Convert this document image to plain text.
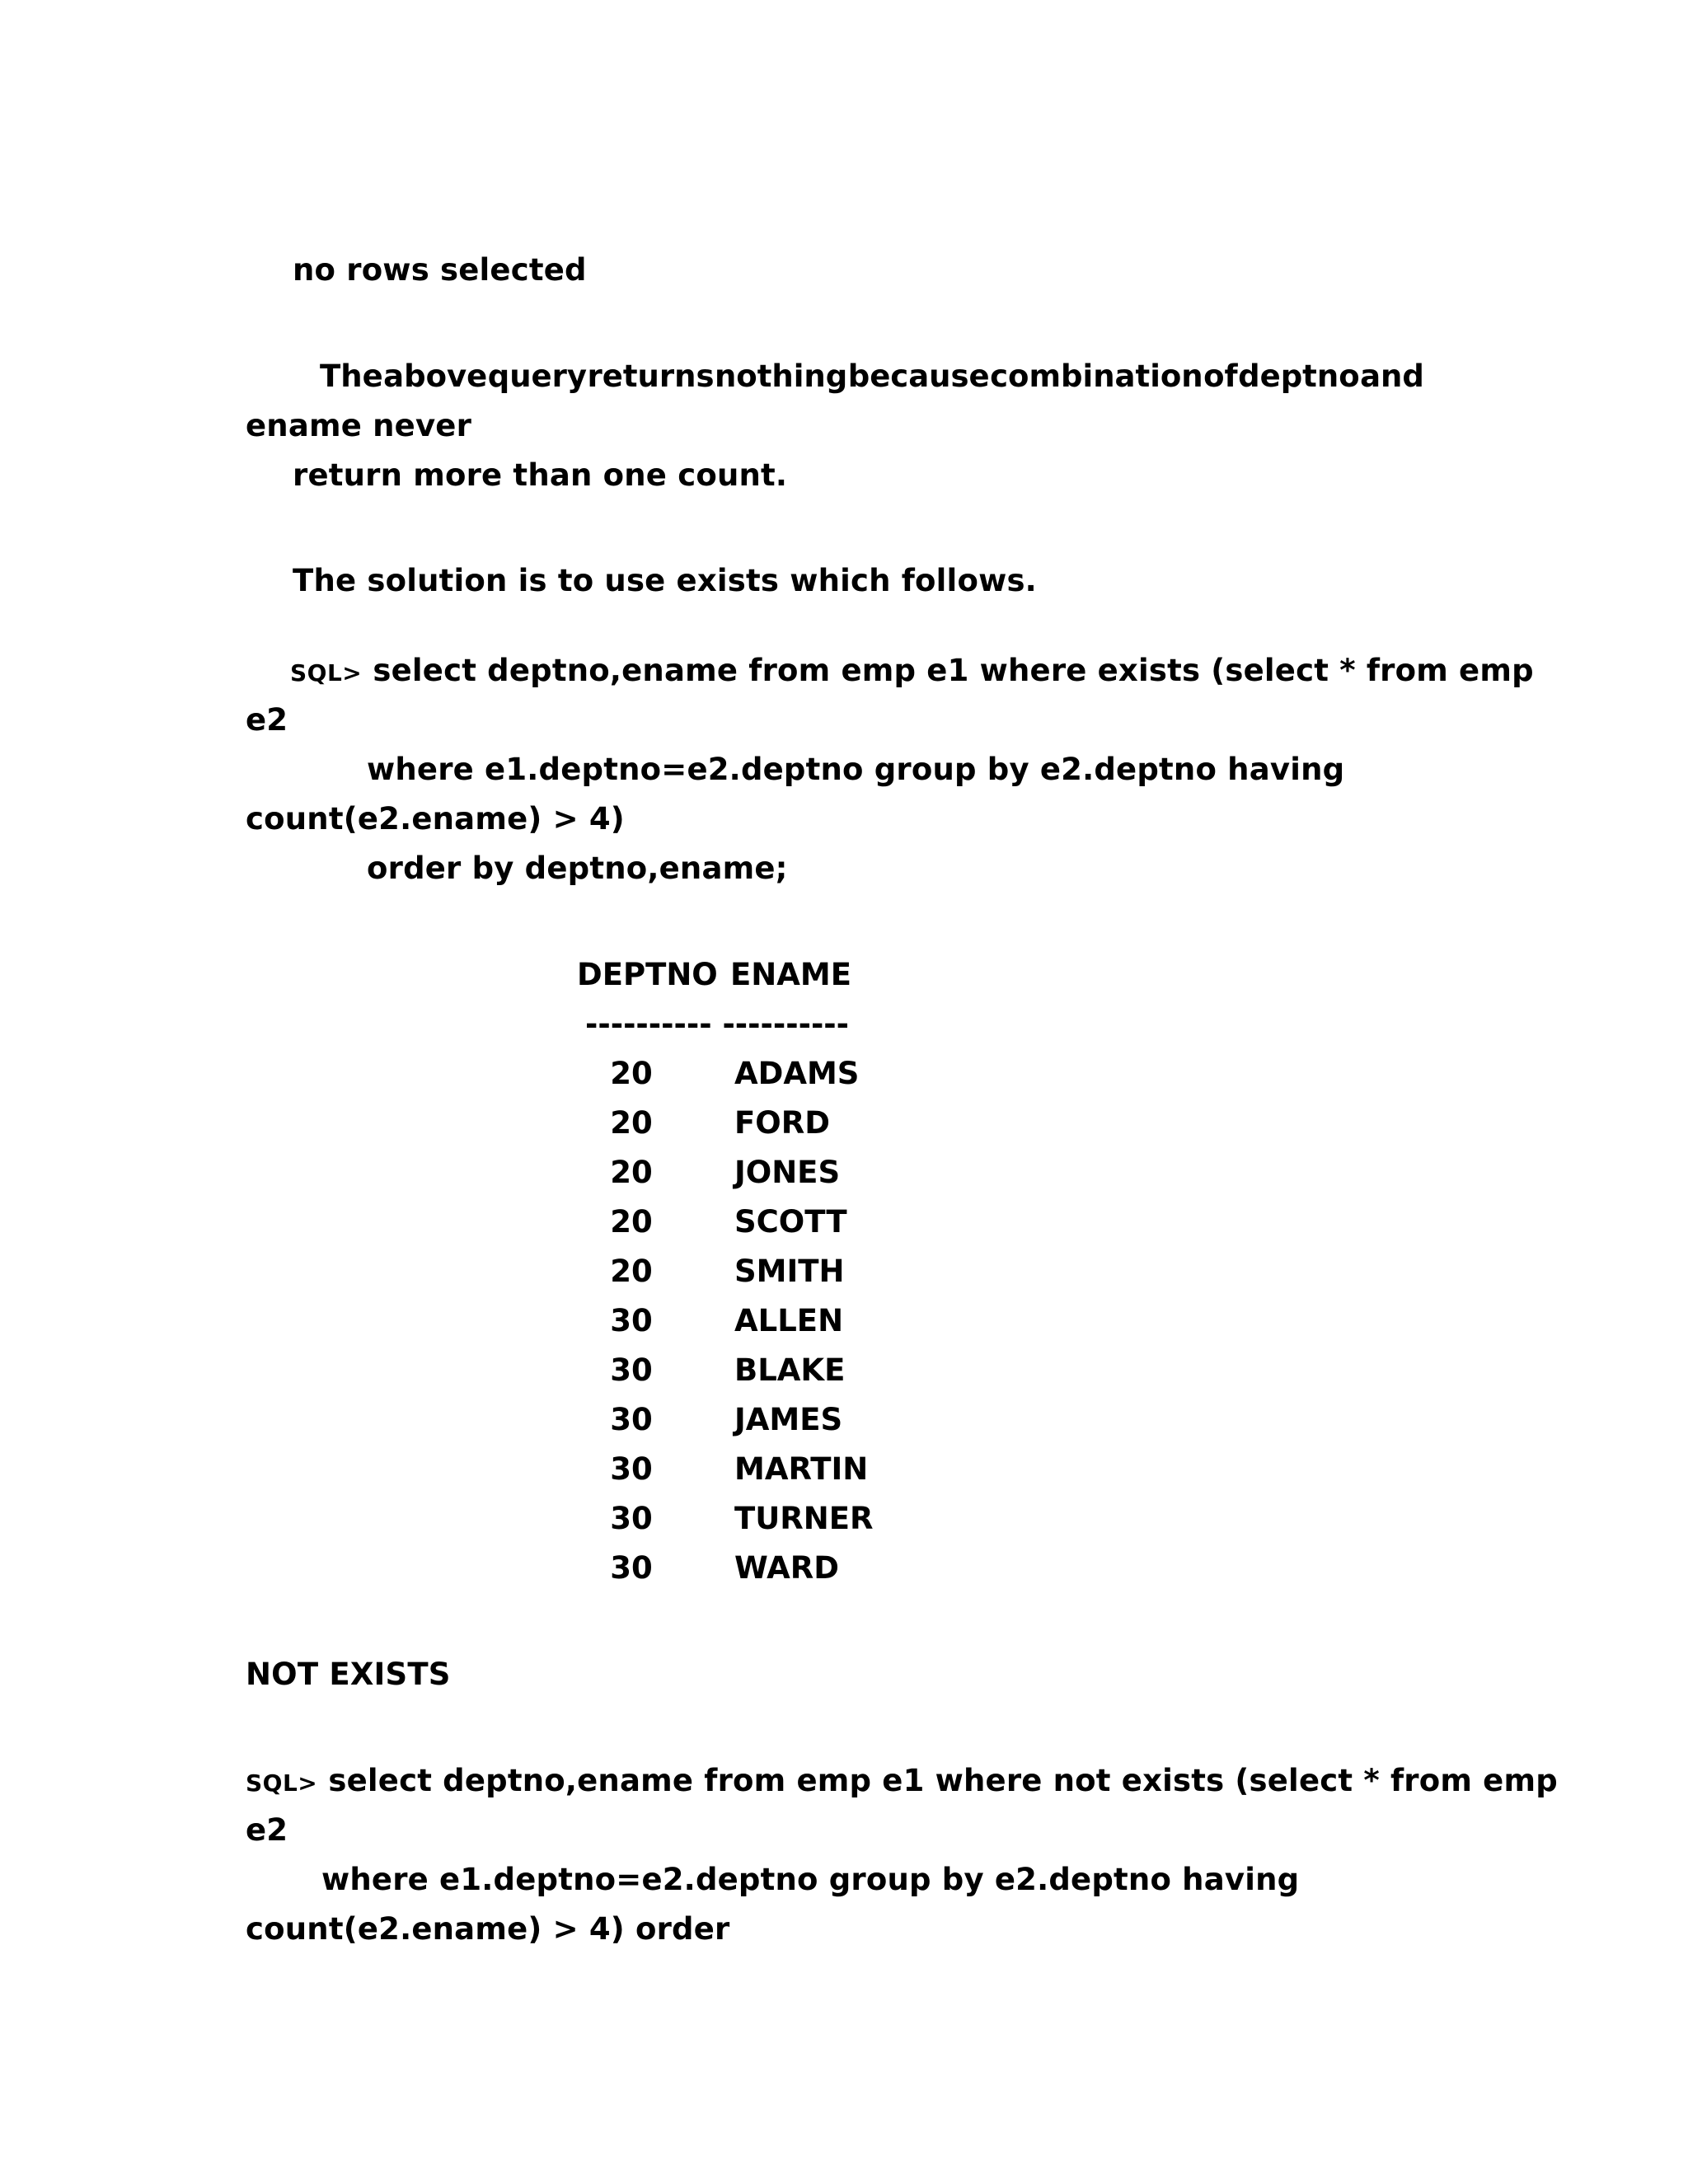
no rows selected
The above query returns nothing because combination of deptno and
ename never
return more than one count.
The solution is to use exists which follows.
SQL> select deptno,ename from emp e1 where exists (select * from emp
e2
where e1.deptno=e2.deptno group by e2.deptno having
count(e2.ename) > 4)
order by deptno,ename;
DEPTNO ENAME
---------- ----------
20	ADAMS
20	FORD
20	JONES
20	SCOTT
20	SMITH
30	ALLEN
30	BLAKE
30	JAMES
30	MARTIN
30	TURNER
30	WARD
NOT EXISTS
SQL> select deptno,ename from emp e1 where not exists (select * from emp
e2
where e1.deptno=e2.deptno group by e2.deptno having
count(e2.ename) > 4) order
